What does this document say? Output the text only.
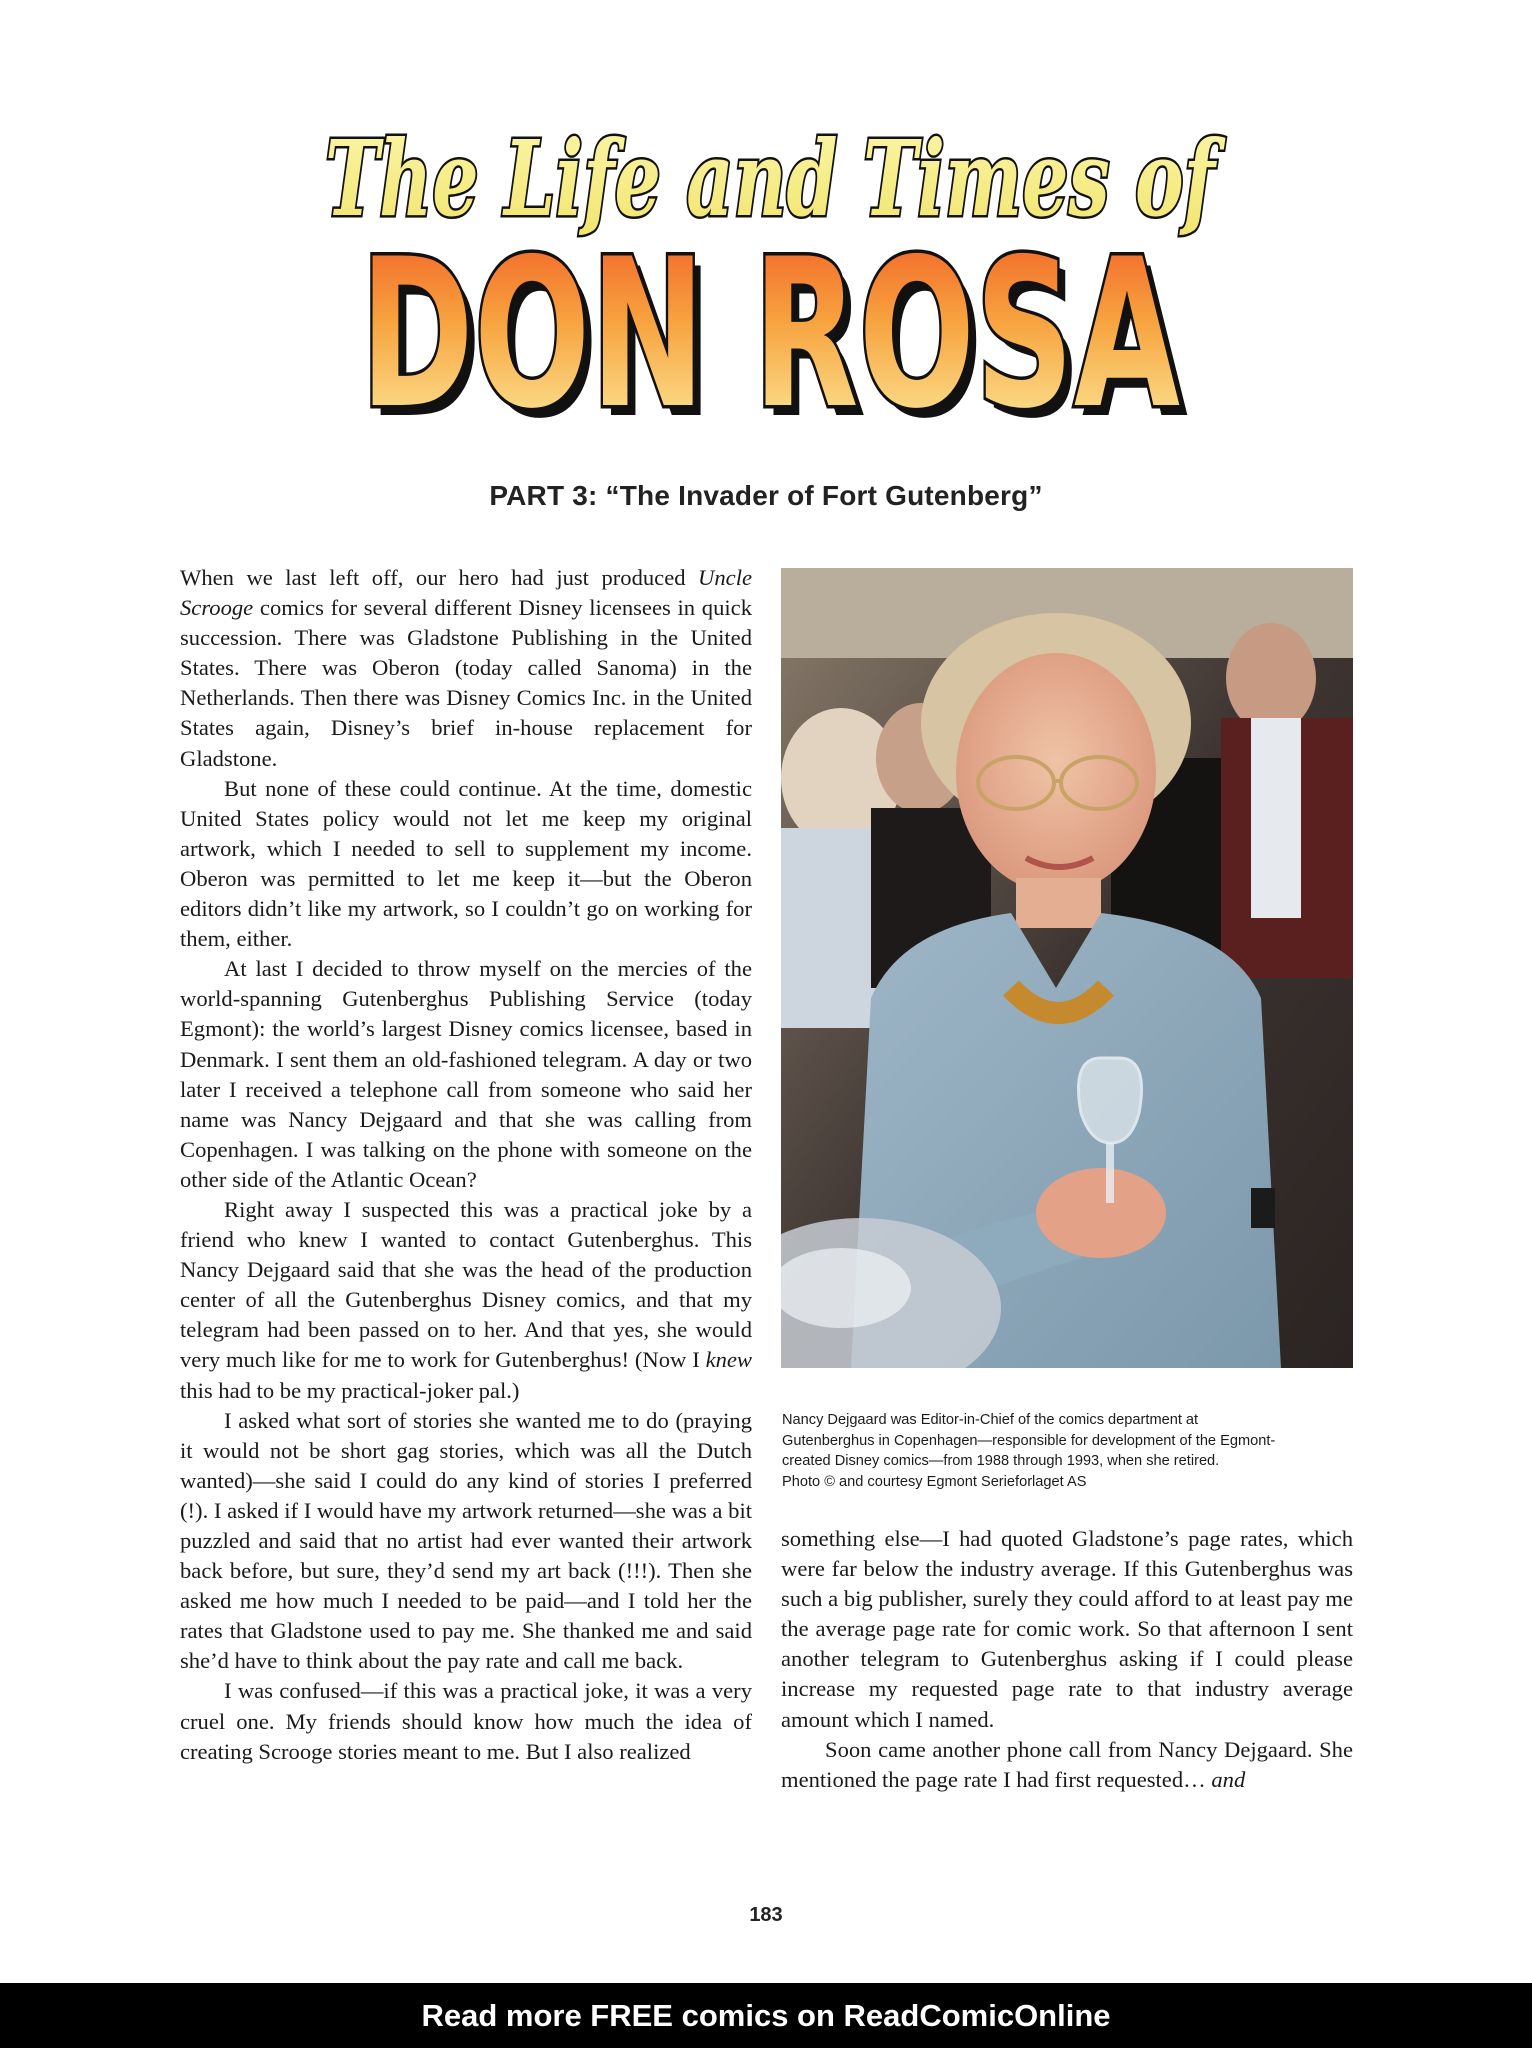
The Life and Times of
DON ROSA
DON ROSA
PART 3: “The Invader of Fort Gutenberg”

When we last left off, our hero had just produced Uncle Scrooge comics for several different Disney licensees in quick succession. There was Gladstone Publishing in the United States. There was Oberon (today called Sanoma) in the Netherlands. Then there was Disney Comics Inc. in the United States again, Disney’s brief in-house replacement for Gladstone.

But none of these could continue. At the time, domestic United States policy would not let me keep my original artwork, which I needed to sell to supplement my income. Oberon was permitted to let me keep it—but the Oberon editors didn’t like my artwork, so I couldn’t go on working for them, either.

At last I decided to throw myself on the mercies of the world-spanning Gutenberghus Publishing Service (today Egmont): the world’s largest Disney comics licensee, based in Denmark. I sent them an old-fashioned telegram. A day or two later I received a telephone call from someone who said her name was Nancy Dejgaard and that she was calling from Copenhagen. I was talking on the phone with someone on the other side of the Atlantic Ocean?

Right away I suspected this was a practical joke by a friend who knew I wanted to contact Gutenberghus. This Nancy Dejgaard said that she was the head of the production center of all the Gutenberghus Disney comics, and that my telegram had been passed on to her. And that yes, she would very much like for me to work for Gutenberghus! (Now I knew this had to be my practical-joker pal.)

I asked what sort of stories she wanted me to do (praying it would not be short gag stories, which was all the Dutch wanted)—she said I could do any kind of stories I preferred (!). I asked if I would have my artwork returned—she was a bit puzzled and said that no artist had ever wanted their artwork back before, but sure, they’d send my art back (!!!). Then she asked me how much I needed to be paid—and I told her the rates that Gladstone used to pay me. She thanked me and said she’d have to think about the pay rate and call me back.

I was confused—if this was a practical joke, it was a very cruel one. My friends should know how much the idea of creating Scrooge stories meant to me. But I also realized

Nancy Dejgaard was Editor-in-Chief of the comics department at
Gutenberghus in Copenhagen—responsible for development of the Egmont-
created Disney comics—from 1988 through 1993, when she retired.
Photo © and courtesy Egmont Serieforlaget AS

something else—I had quoted Gladstone’s page rates, which were far below the industry average. If this Gutenberghus was such a big publisher, surely they could afford to at least pay me the average page rate for comic work. So that afternoon I sent another telegram to Gutenberghus asking if I could please increase my requested page rate to that industry average amount which I named.

Soon came another phone call from Nancy Dejgaard. She mentioned the page rate I had first requested… and

183
Read more FREE comics on ReadComicOnline
